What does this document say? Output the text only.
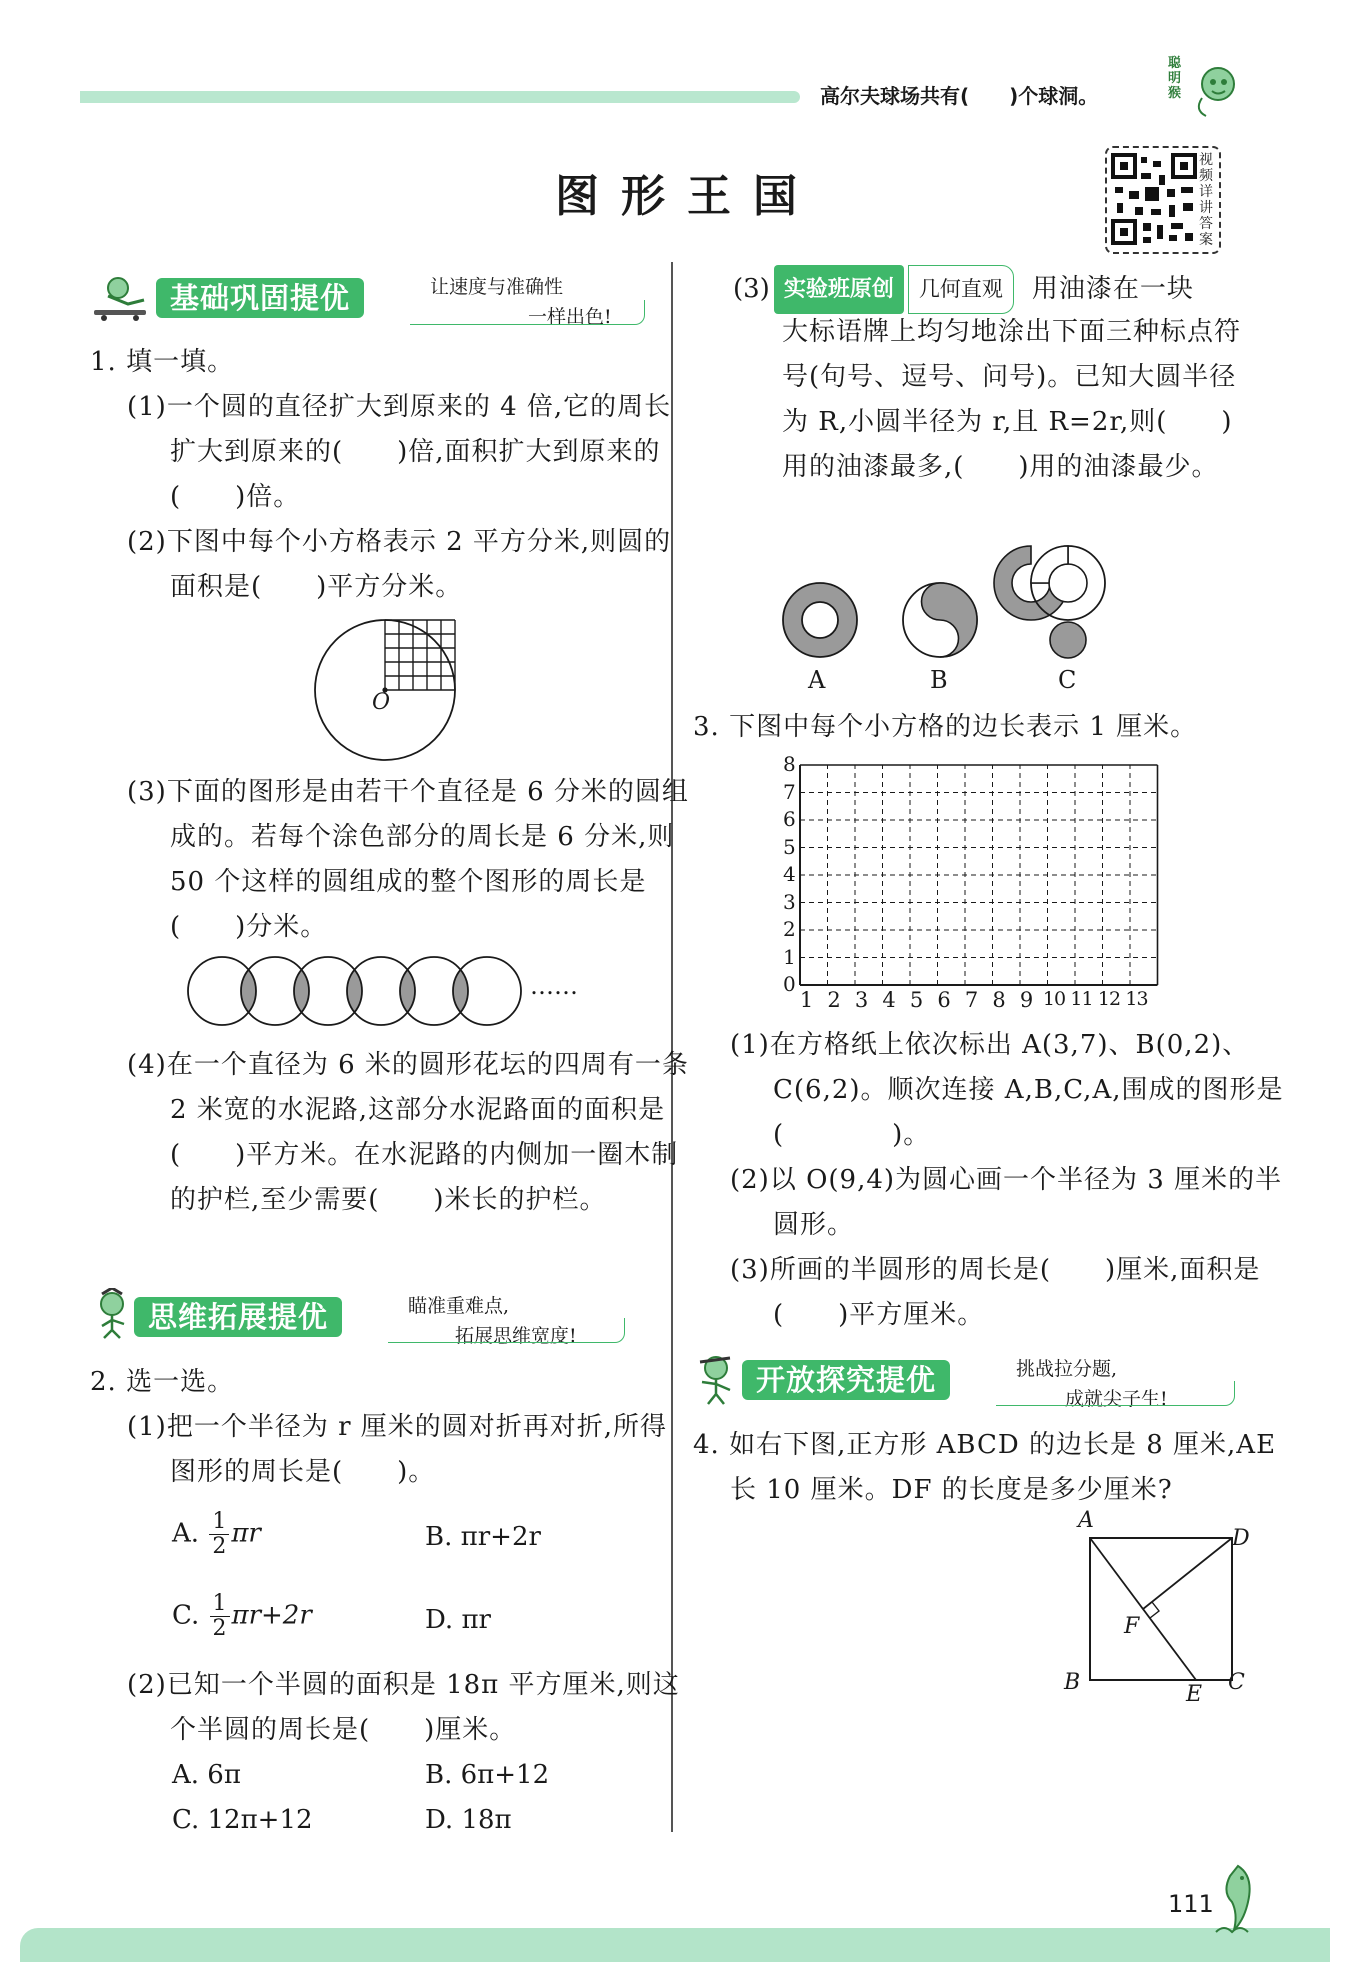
高尔夫球场共有(　　)个球洞。
聪明猴
图形王国
视频详讲答案
基础巩固提优	让速度与准确性
一样出色!

1. 填一填。

(1)一个圆的直径扩大到原来的 4 倍,它的周长扩大到原来的(　　)倍,面积扩大到原来的(　　)倍。

(2)下图中每个小方格表示 2 平方分米,则圆的面积是(　　)平方分米。

O

(3)下面的图形是由若干个直径是 6 分米的圆组成的。若每个涂色部分的周长是 6 分米,则 50 个这样的圆组成的整个图形的周长是(　　)分米。

……

(4)在一个直径为 6 米的圆形花坛的四周有一条 2 米宽的水泥路,这部分水泥路面的面积是(　　)平方米。在水泥路的内侧加一圈木制的护栏,至少需要(　　)米长的护栏。

思维拓展提优	瞄准重难点,
拓展思维宽度!

2. 选一选。

(1)把一个半径为 r 厘米的圆对折再对折,所得图形的周长是(　　)。

A. $\frac{1}{2}$ πr	B. πr+2r
C. $\frac{1}{2} \pi r+2r$	D. πr

(2)已知一个半圆的面积是 18π 平方厘米,则这个半圆的周长是(　　)厘米。

A. 6π	B. 6π+12
C. 12π+12	D. 18π
(3) 实验班原创	几何直观	用油漆在一块

大标语牌上均匀地涂出下面三种标点符号(句号、逗号、问号)。已知大圆半径为 R,小圆半径为 r,且 R=2r,则(　　)用的油漆最多,(　　)用的油漆最少。

A	B	C

3. 下图中每个小方格的边长表示 1 厘米。

0
1
2
3
4
5
6
7
8
1 2 3 4 5 6 7 8 9 10 11 12 13

(1)在方格纸上依次标出 A(3,7)、B(0,2)、C(6,2)。顺次连接 A,B,C,A,围成的图形是(　　　　)。

(2)以 O(9,4)为圆心画一个半径为 3 厘米的半圆形。

(3)所画的半圆形的周长是(　　)厘米,面积是(　　)平方厘米。

开放探究提优	挑战拉分题,
成就尖子生!

4. 如右下图,正方形 ABCD 的边长是 8 厘米,AE 长 10 厘米。DF 的长度是多少厘米?

A
D
B	C
E
F
111
